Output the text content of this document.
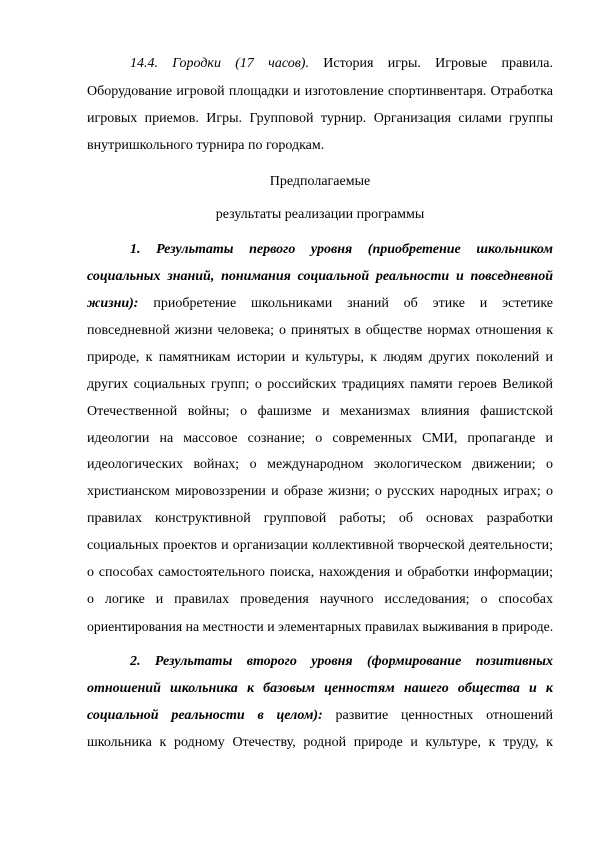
14.4. Городки (17 часов). История игры. Игровые правила.
Оборудование игровой площадки и изготовление спортинвентаря. Отработка
игровых приемов. Игры. Групповой турнир. Организация силами группы
внутришкольного турнира по городкам.
Предполагаемые
результаты реализации программы
1. Результаты первого уровня (приобретение школьником
социальных знаний, понимания социальной реальности и повседневной
жизни): приобретение школьниками знаний об этике и эстетике
повседневной жизни человека; о принятых в обществе нормах отношения к
природе, к памятникам истории и культуры, к людям других поколений и
других социальных групп; о российских традициях памяти героев Великой
Отечественной войны; о фашизме и механизмах влияния фашистской
идеологии на массовое сознание; о современных СМИ, пропаганде и
идеологических войнах; о международном экологическом движении; о
христианском мировоззрении и образе жизни; о русских народных играх; о
правилах конструктивной групповой работы; об основах разработки
социальных проектов и организации коллективной творческой деятельности;
о способах самостоятельного поиска, нахождения и обработки информации;
о логике и правилах проведения научного исследования; о способах
ориентирования на местности и элементарных правилах выживания в природе.
2. Результаты второго уровня (формирование позитивных
отношений школьника к базовым ценностям нашего общества и к
социальной реальности в целом): развитие ценностных отношений
школьника к родному Отечеству, родной природе и культуре, к труду, к
